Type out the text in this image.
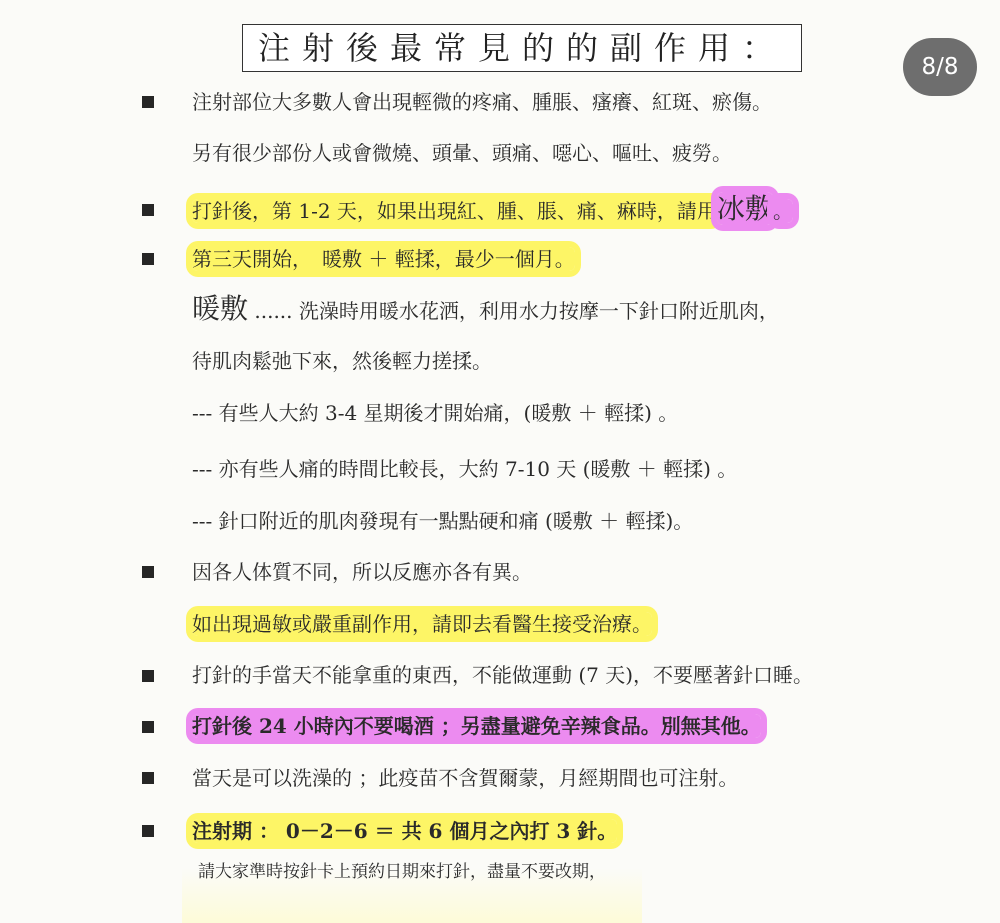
注射後最常見的的副作用：	8/8
注射部位大多數人會出現輕微的疼痛、腫脹、瘙癢、紅斑、瘀傷。
另有很少部份人或會微燒、頭暈、頭痛、噁心、嘔吐、疲勞。
打針後，第 1-2 天，如果出現紅、腫、脹、痛、痳時，請用冰敷。
第三天開始，　暖敷 ＋ 輕揉，最少一個月。
暖敷 ...... 洗澡時用暖水花洒，利用水力按摩一下針口附近肌肉，
待肌肉鬆弛下來，然後輕力搓揉。
--- 有些人大約 3-4 星期後才開始痛，(暖敷 ＋ 輕揉) 。
--- 亦有些人痛的時間比較長，大約 7-10 天 (暖敷 ＋ 輕揉) 。
--- 針口附近的肌肉發現有一點點硬和痛 (暖敷 ＋ 輕揉)。
因各人体質不同，所以反應亦各有異。
如出現過敏或嚴重副作用，請即去看醫生接受治療。
打針的手當天不能拿重的東西，不能做運動 (7 天)，不要壓著針口睡。
打針後 24 小時內不要喝酒 ；另盡量避免辛辣食品。別無其他。
當天是可以洗澡的 ；此疫苗不含賀爾蒙，月經期間也可注射。
注射期 ： 0－2－6 ＝ 共 6 個月之內打 3 針。
請大家準時按針卡上預約日期來打針，盡量不要改期，
